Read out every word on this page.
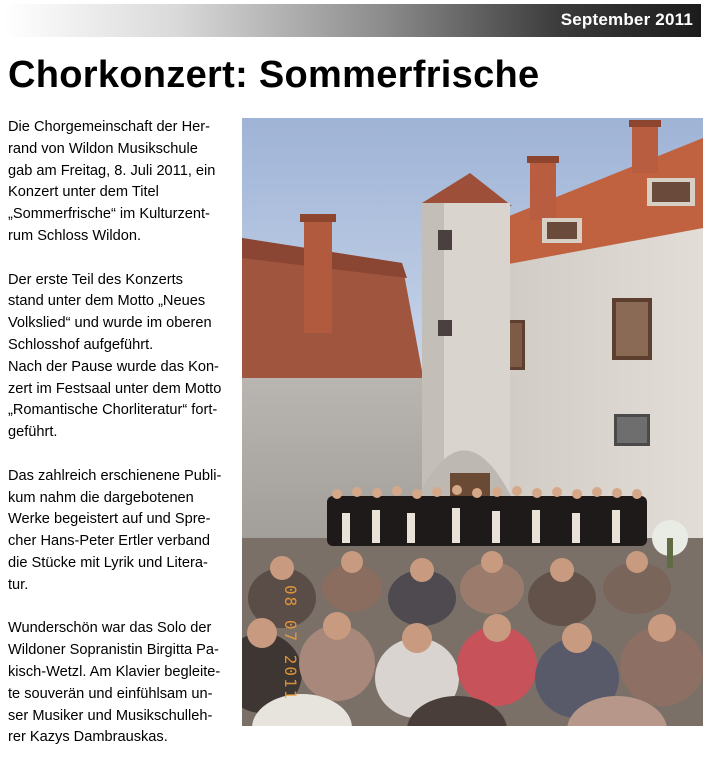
September 2011
Chorkonzert: Sommerfrische

Die Chorgemeinschaft der Her-
rand von Wildon Musikschule
gab am Freitag, 8. Juli 2011, ein
Konzert unter dem Titel
„Sommerfrische“ im Kulturzent-
rum Schloss Wildon.

Der erste Teil des Konzerts
stand unter dem Motto „Neues
Volkslied“ und wurde im oberen
Schlosshof aufgeführt.
Nach der Pause wurde das Kon-
zert im Festsaal unter dem Motto
„Romantische Chorliteratur“ fort-
geführt.

Das zahlreich erschienene Publi-
kum nahm die dargebotenen
Werke begeistert auf und Spre-
cher Hans-Peter Ertler verband
die Stücke mit Lyrik und Litera-
tur.

Wunderschön war das Solo der
Wildoner Sopranistin Birgitta Pa-
kisch-Wetzl. Am Klavier begleite-
te souverän und einfühlsam un-
ser Musiker und Musikschulleh-
rer Kazys Dambrauskas.

08 07 2011
